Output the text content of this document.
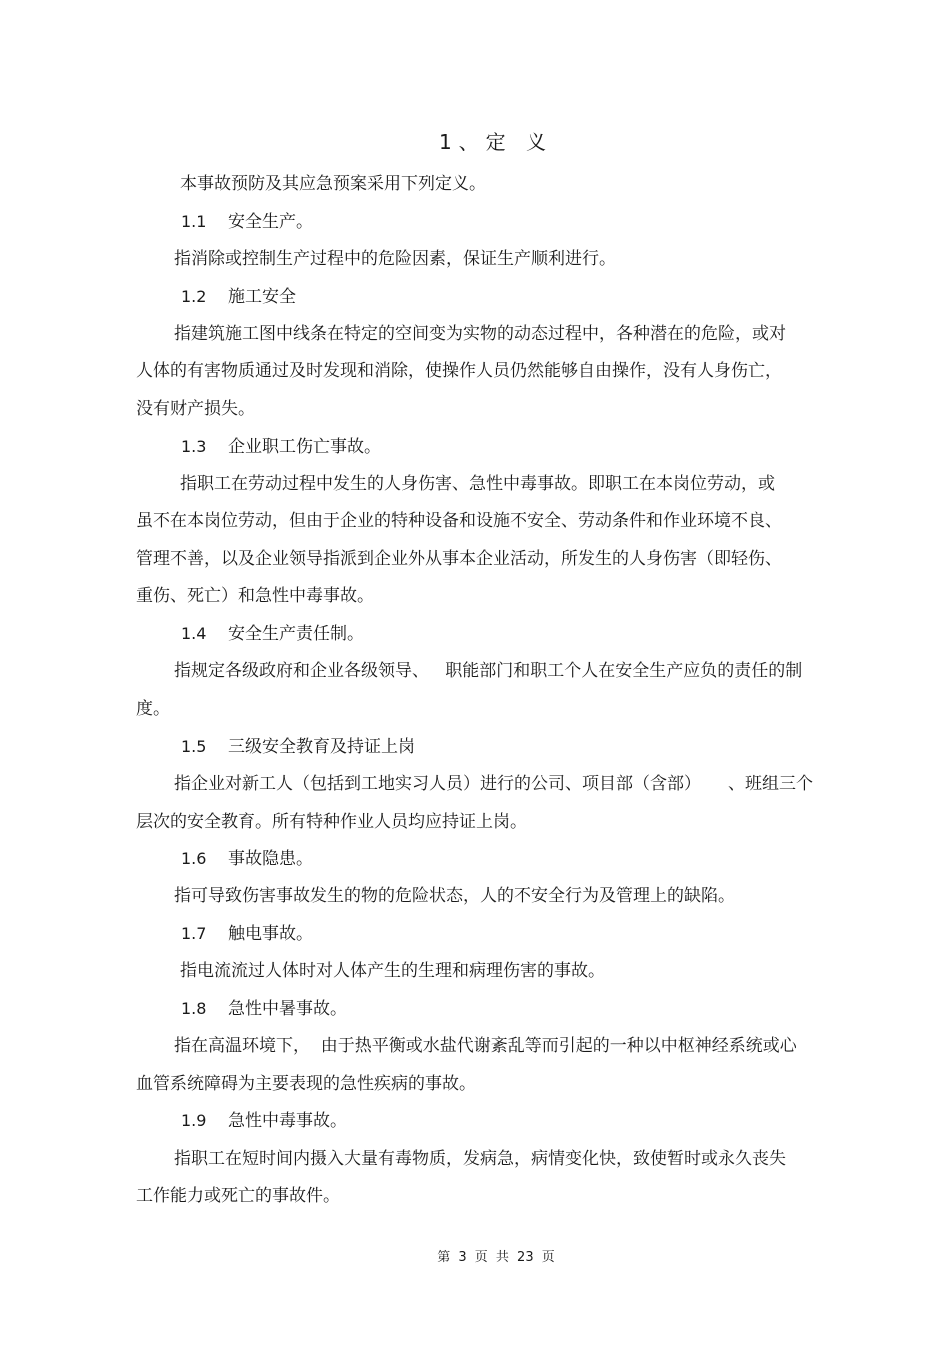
1、定 义
本事故预防及其应急预案采用下列定义。
1.1 安全生产。
指消除或控制生产过程中的危险因素，保证生产顺利进行。
1.2 施工安全
指建筑施工图中线条在特定的空间变为实物的动态过程中，各种潜在的危险，或对
人体的有害物质通过及时发现和消除，使操作人员仍然能够自由操作，没有人身伤亡，
没有财产损失。
1.3 企业职工伤亡事故。
指职工在劳动过程中发生的人身伤害、急性中毒事故。即职工在本岗位劳动，或
虽不在本岗位劳动，但由于企业的特种设备和设施不安全、劳动条件和作业环境不良、
管理不善，以及企业领导指派到企业外从事本企业活动，所发生的人身伤害（即轻伤、
重伤、死亡）和急性中毒事故。
1.4 安全生产责任制。
指规定各级政府和企业各级领导、   职能部门和职工个人在安全生产应负的责任的制
度。
1.5 三级安全教育及持证上岗
指企业对新工人（包括到工地实习人员）进行的公司、项目部（含部）     、班组三个
层次的安全教育。所有特种作业人员均应持证上岗。
1.6 事故隐患。
指可导致伤害事故发生的物的危险状态，人的不安全行为及管理上的缺陷。
1.7 触电事故。
指电流流过人体时对人体产生的生理和病理伤害的事故。
1.8 急性中暑事故。
指在高温环境下，  由于热平衡或水盐代谢紊乱等而引起的一种以中枢神经系统或心
血管系统障碍为主要表现的急性疾病的事故。
1.9 急性中毒事故。
指职工在短时间内摄入大量有毒物质，发病急，病情变化快，致使暂时或永久丧失
工作能力或死亡的事故件。
第 3 页 共 23 页
